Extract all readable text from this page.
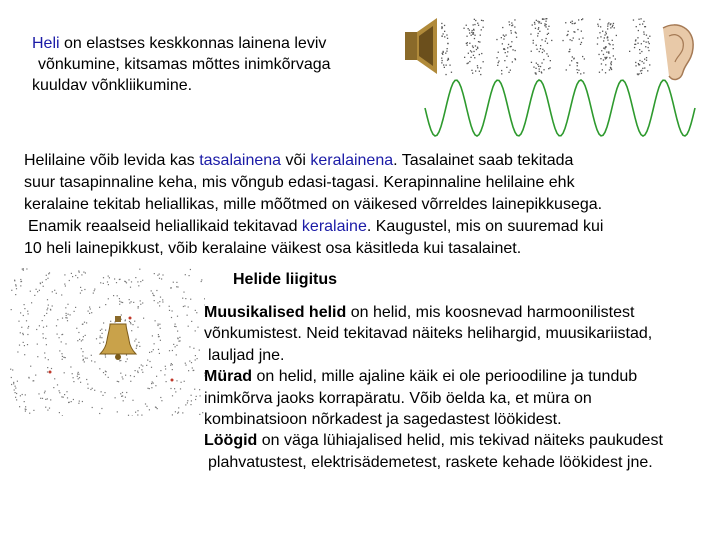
Heli on elastses keskkonnas lainena leviv
võnkumine, kitsamas mõttes inimkõrvaga
kuuldav võnkliikumine.
Helilaine võib levida kas tasalainena või keralainena. Tasalainet saab tekitada
suur tasapinnaline keha, mis võngub edasi-tagasi. Kerapinnaline helilaine ehk
keralaine tekitab heliallikas, mille mõõtmed on väikesed võrreldes lainepikkusega.
Enamik reaalseid heliallikaid tekitavad keralaine. Kaugustel, mis on suuremad kui
10 heli lainepikkust, võib keralaine väikest osa käsitleda kui tasalainet.
Helide liigitus
Muusikalised helid on helid, mis koosnevad harmoonilistest
võnkumistest. Neid tekitavad näiteks helihargid, muusikariistad,
lauljad jne.
Mürad on helid, mille ajaline käik ei ole perioodiline ja tundub
inimkõrva jaoks korrapäratu. Võib öelda ka, et müra on
kombinatsioon nõrkadest ja sagedastest löökidest.
Löögid on väga lühiajalised helid, mis tekivad näiteks paukudest
plahvatustest, elektrisädemetest, raskete kehade löökidest jne.
